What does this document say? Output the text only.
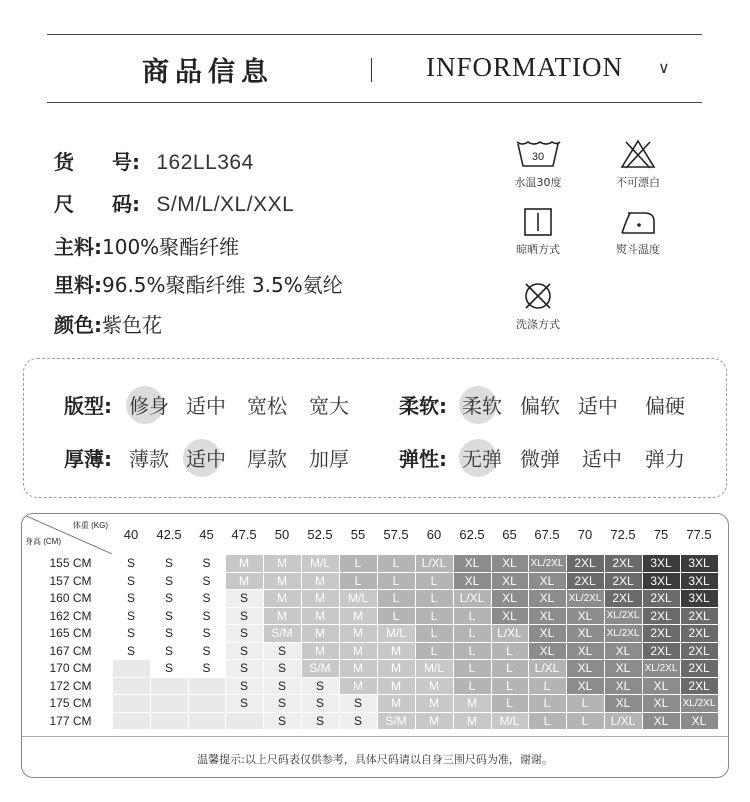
商品信息	INFORMATION ∨
货 号: 162LL364
尺 码: S/M/L/XL/XXL
主料:100%聚酯纤维
里料:96.5%聚酯纤维 3.5%氨纶
颜色:紫色花
30
水温30度	不可漂白
晾晒方式	熨斗温度
洗涤方式
版型: 修身 适中 宽松 宽大	柔软: 柔软 偏软 适中 偏硬
厚薄: 薄款 适中 厚款 加厚	弹性: 无弹 微弹 适中 弹力
体重 (KG)
身高 (CM)	40	42.5	45	47.5	50	52.5	55	57.5	60	62.5	65	67.5	70	72.5	75	77.5
155 CM	S	S	S	M	M	M/L	L	L	L/XL	XL	XL	XL/2XL	2XL	2XL	3XL	3XL
157 CM	S	S	S	M	M	M	L	L	L	XL	XL	XL	2XL	2XL	3XL	3XL
160 CM	S	S	S	S	M	M	M/L	L	L	L/XL	XL	XL	XL/2XL	2XL	2XL	3XL
162 CM	S	S	S	S	M	M	M	L	L	L	XL	XL	XL	XL/2XL	2XL	2XL
165 CM	S	S	S	S	S/M	M	M	M/L	L	L	L/XL	XL	XL	XL/2XL	2XL	2XL
167 CM	S	S	S	S	S	M	M	M	L	L	L	XL	XL	XL	2XL	2XL
170 CM		S	S	S	S	S/M	M	M	M/L	L	L	L/XL	XL	XL	XL/2XL	2XL
172 CM				S	S	S	M	M	M	L	L	L	XL	XL	XL	2XL
175 CM				S	S	S	S	M	M	M	L	L	L	XL	XL	XL/2XL
177 CM					S	S	S	S/M	M	M	M/L	L	L	L/XL	XL	XL
温馨提示:以上尺码表仅供参考，具体尺码请以自身三围尺码为准，谢谢。
